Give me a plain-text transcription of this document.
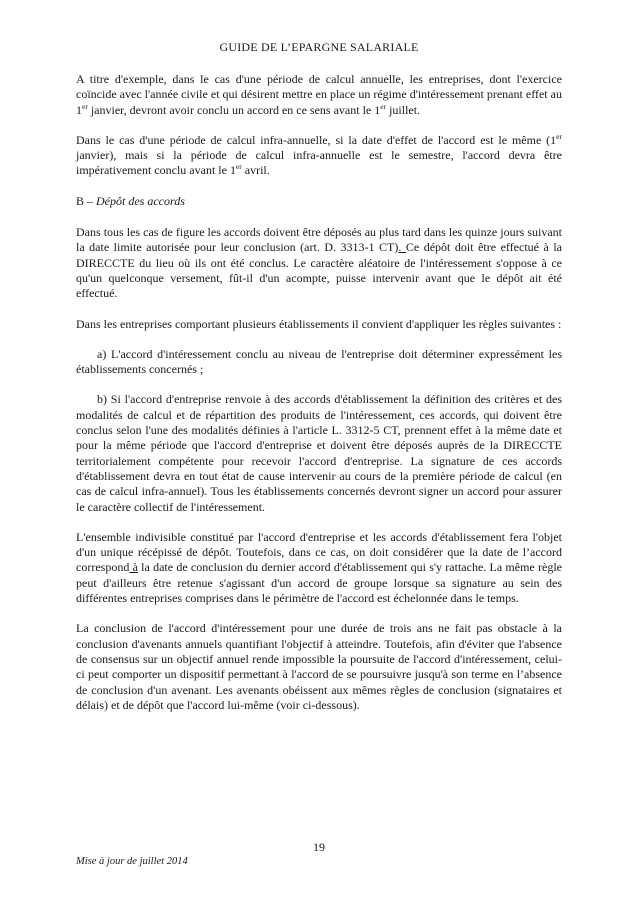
GUIDE DE L’EPARGNE SALARIALE

A titre d'exemple, dans le cas d'une période de calcul annuelle, les entreprises, dont l'exercice coïncide avec l'année civile et qui désirent mettre en place un régime d'intéressement prenant effet au 1er janvier, devront avoir conclu un accord en ce sens avant le 1er juillet.

Dans le cas d'une période de calcul infra-annuelle, si la date d'effet de l'accord est le même (1er janvier), mais si la période de calcul infra-annuelle est le semestre, l'accord devra être impérativement conclu avant le 1er avril.

B – Dépôt des accords

Dans tous les cas de figure les accords doivent être déposés au plus tard dans les quinze jours suivant la date limite autorisée pour leur conclusion (art. D. 3313-1 CT). Ce dépôt doit être effectué à la DIRECCTE du lieu où ils ont été conclus. Le caractère aléatoire de l'intéressement s'oppose à ce qu'un quelconque versement, fût-il d'un acompte, puisse intervenir avant que le dépôt ait été effectué.

Dans les entreprises comportant plusieurs établissements il convient d'appliquer les règles suivantes :

a) L'accord d'intéressement conclu au niveau de l'entreprise doit déterminer expressément les établissements concernés ;

b) Si l'accord d'entreprise renvoie à des accords d'établissement la définition des critères et des modalités de calcul et de répartition des produits de l'intéressement, ces accords, qui doivent être conclus selon l'une des modalités définies à l'article L. 3312-5 CT, prennent effet à la même date et pour la même période que l'accord d'entreprise et doivent être déposés auprès de la DIRECCTE territorialement compétente pour recevoir l'accord d'entreprise. La signature de ces accords d'établissement devra en tout état de cause intervenir au cours de la première période de calcul (en cas de calcul infra-annuel). Tous les établissements concernés devront signer un accord pour assurer le caractère collectif de l'intéressement.

L'ensemble indivisible constitué par l'accord d'entreprise et les accords d'établissement fera l'objet d'un unique récépissé de dépôt. Toutefois, dans ce cas, on doit considérer que la date de l’accord correspond à la date de conclusion du dernier accord d'établissement qui s'y rattache. La même règle peut d'ailleurs être retenue s'agissant d'un accord de groupe lorsque sa signature au sein des différentes entreprises comprises dans le périmètre de l'accord est échelonnée dans le temps.

La conclusion de l'accord d'intéressement pour une durée de trois ans ne fait pas obstacle à la conclusion d'avenants annuels quantifiant l'objectif à atteindre. Toutefois, afin d'éviter que l'absence de consensus sur un objectif annuel rende impossible la poursuite de l'accord d'intéressement, celui-ci peut comporter un dispositif permettant à l'accord de se poursuivre jusqu'à son terme en l’absence de conclusion d'un avenant. Les avenants obéissent aux mêmes règles de conclusion (signataires et délais) et de dépôt que l'accord lui-même (voir ci-dessous).

19
Mise à jour de juillet 2014
